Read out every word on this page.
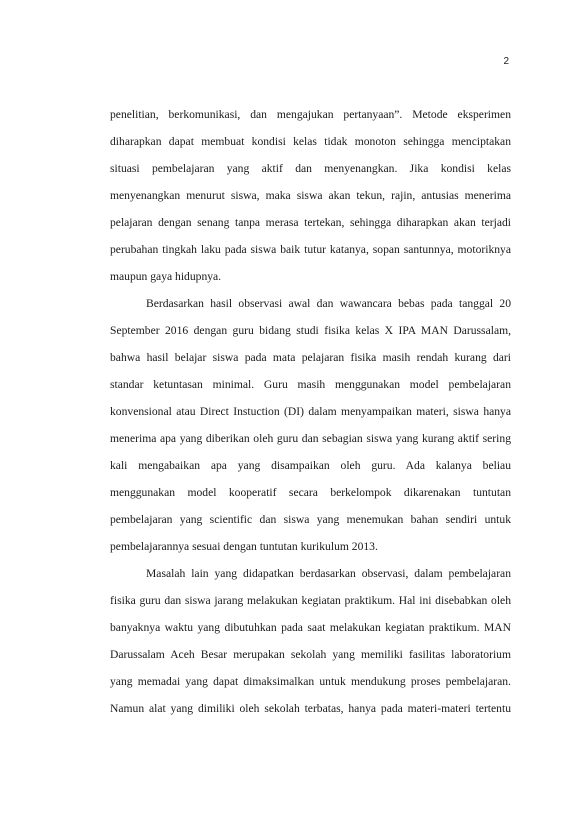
2
penelitian, berkomunikasi, dan mengajukan pertanyaan”. Metode eksperimen
diharapkan dapat membuat kondisi kelas tidak monoton sehingga menciptakan
situasi pembelajaran yang aktif dan menyenangkan. Jika kondisi kelas
menyenangkan menurut siswa, maka siswa akan tekun, rajin, antusias menerima
pelajaran dengan senang tanpa merasa tertekan, sehingga diharapkan akan terjadi
perubahan tingkah laku pada siswa baik tutur katanya, sopan santunnya, motoriknya
maupun gaya hidupnya.
Berdasarkan hasil observasi awal dan wawancara bebas pada tanggal 20
September 2016 dengan guru bidang studi fisika kelas X IPA MAN Darussalam,
bahwa hasil belajar siswa pada mata pelajaran fisika masih rendah kurang dari
standar ketuntasan minimal. Guru masih menggunakan model pembelajaran
konvensional atau Direct Instuction (DI) dalam menyampaikan materi, siswa hanya
menerima apa yang diberikan oleh guru dan sebagian siswa yang kurang aktif sering
kali mengabaikan apa yang disampaikan oleh guru. Ada kalanya beliau
menggunakan model kooperatif secara berkelompok dikarenakan tuntutan
pembelajaran yang scientific dan siswa yang menemukan bahan sendiri untuk
pembelajarannya sesuai dengan tuntutan kurikulum 2013.
Masalah lain yang didapatkan berdasarkan observasi, dalam pembelajaran
fisika guru dan siswa jarang melakukan kegiatan praktikum. Hal ini disebabkan oleh
banyaknya waktu yang dibutuhkan pada saat melakukan kegiatan praktikum. MAN
Darussalam Aceh Besar merupakan sekolah yang memiliki fasilitas laboratorium
yang memadai yang dapat dimaksimalkan untuk mendukung proses pembelajaran.
Namun alat yang dimiliki oleh sekolah terbatas, hanya pada materi-materi tertentu
